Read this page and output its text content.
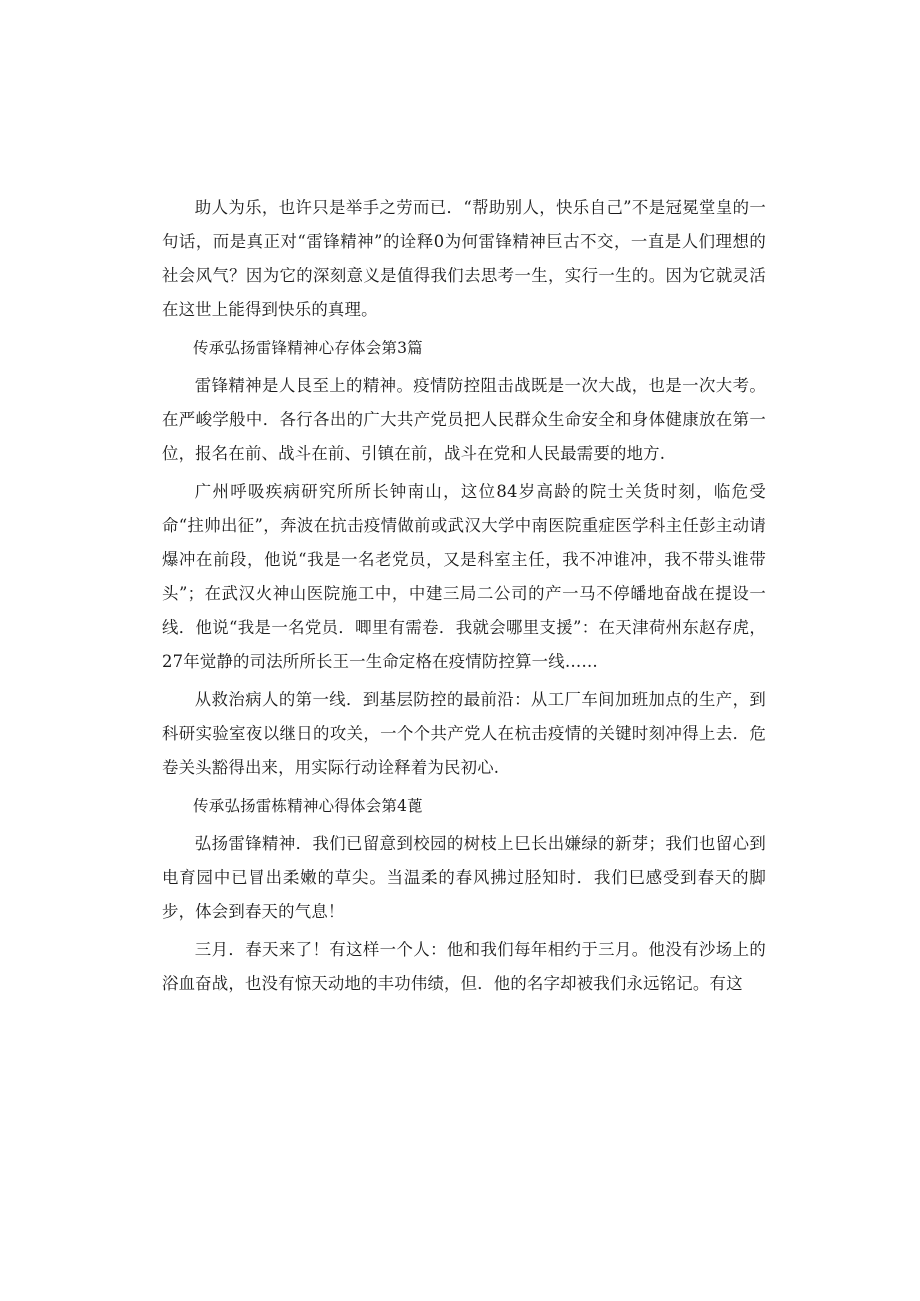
助人为乐，也许只是举手之劳而已．“帮助别人，快乐自己”不是冠冕堂皇的一句话，而是真正对“雷锋精神”的诠释0为何雷锋精神巨古不交，一直是人们理想的社会风气？因为它的深刻意义是值得我们去思考一生，实行一生的。因为它就灵活在这世上能得到快乐的真理。

传承弘扬雷锋精神心存体会第3篇

雷锋精神是人艮至上的精神。疫情防控阻击战既是一次大战，也是一次大考。在严峻学般中．各行各出的广大共产党员把人民群众生命安全和身体健康放在第一位，报名在前、战斗在前、引镇在前，战斗在党和人民最需要的地方.

广州呼吸疾病研究所所长钟南山，这位84岁高龄的院士关货时刻，临危受命“拄帅出征”，奔波在抗击疫情做前或武汉大学中南医院重症医学科主任彭主动请爆冲在前段，他说“我是一名老党员，又是科室主任，我不冲谁冲，我不带头谁带头”；在武汉火神山医院施工中，中建三局二公司的产一马不停皤地奋战在提设一线．他说“我是一名党员．唧里有需卷．我就会哪里支援”：在天津荷州东赵存虎，27年觉静的司法所所长王一生命定格在疫情防控算一线……

从救治病人的第一线．到基层防控的最前沿：从工厂车间加班加点的生产，到科研实验室夜以继日的攻关，一个个共产党人在杭击疫情的关键时刻冲得上去．危卷关头豁得出来，用实际行动诠释着为民初心.

传承弘扬雷栋精神心得体会第4蓖

弘扬雷锋精神．我们已留意到校园的树枝上巳长出嫌绿的新芽；我们也留心到电育园中已冒出柔嫩的草尖。当温柔的春风拂过胫知时．我们巳感受到春天的脚步，体会到春天的气息！

三月．春天来了！有这样一个人：他和我们每年相约于三月。他没有沙场上的浴血奋战，也没有惊天动地的丰功伟绩，但．他的名字却被我们永远铭记。有这
